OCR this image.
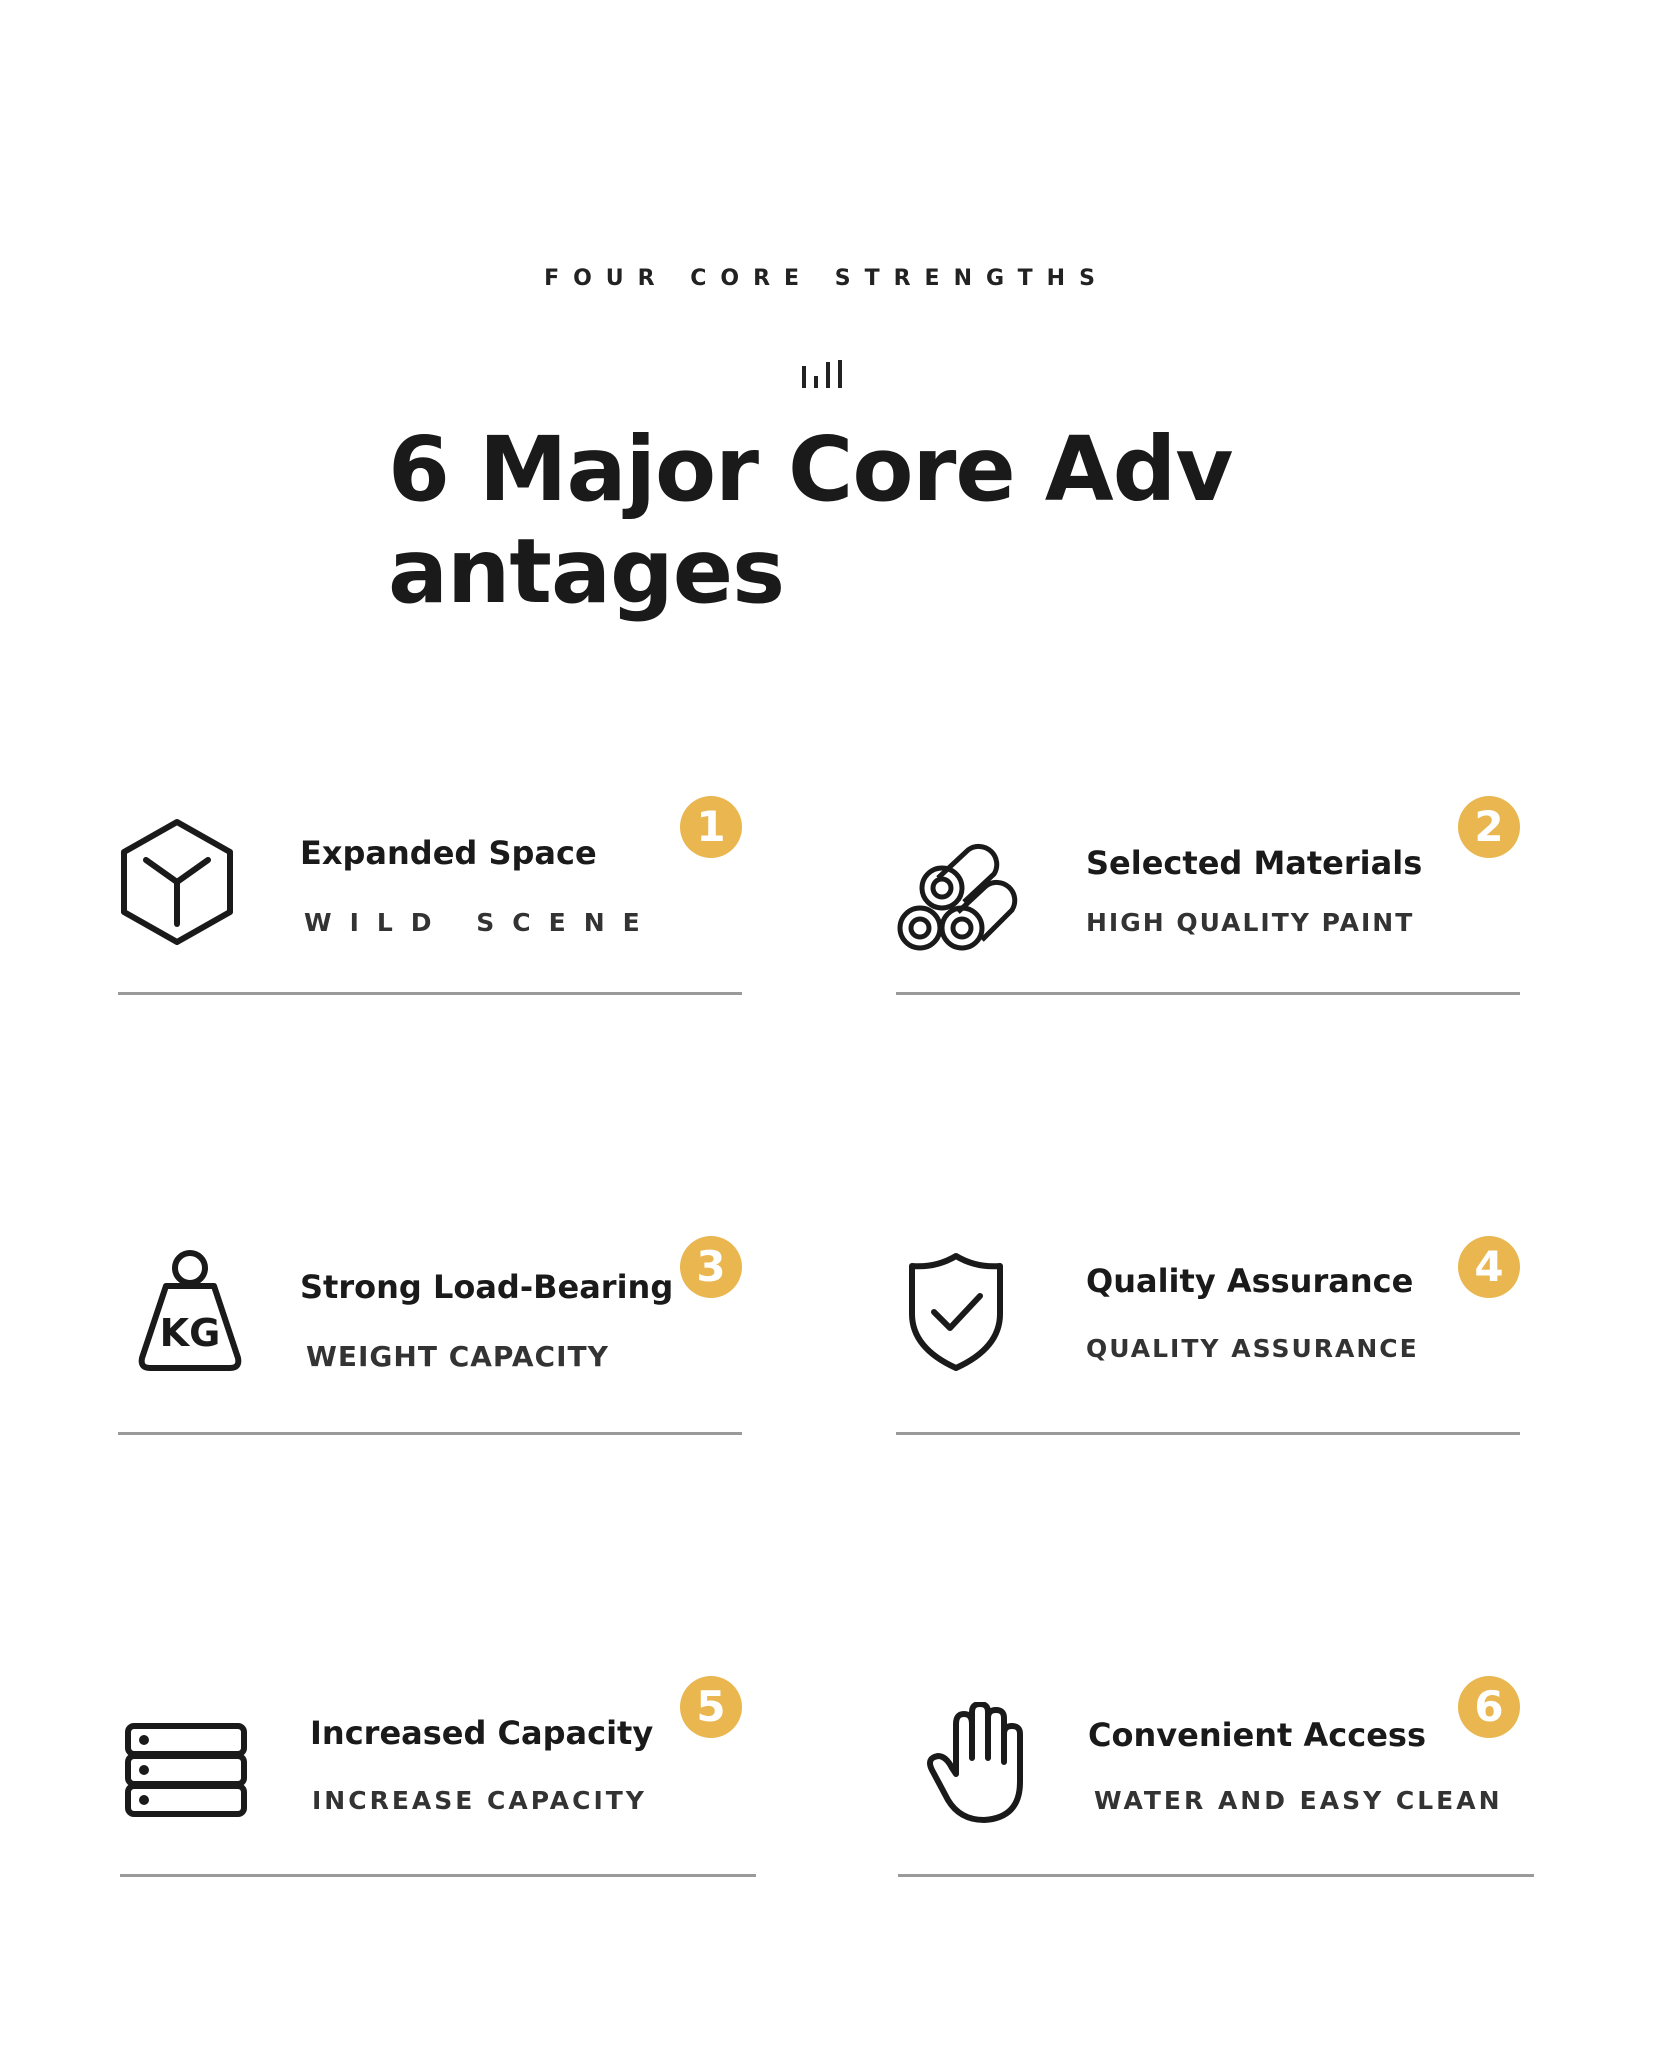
FOUR CORE STRENGTHS
6 Major Core Advantages
Expanded Space
WILD SCENE
1
Selected Materials
HIGH QUALITY PAINT
2
KG
Strong Load-Bearing
WEIGHT CAPACITY
3	Quality Assurance
QUALITY ASSURANCE
4
Increased Capacity
INCREASE CAPACITY
5
Convenient Access
WATER AND EASY CLEAN
6
